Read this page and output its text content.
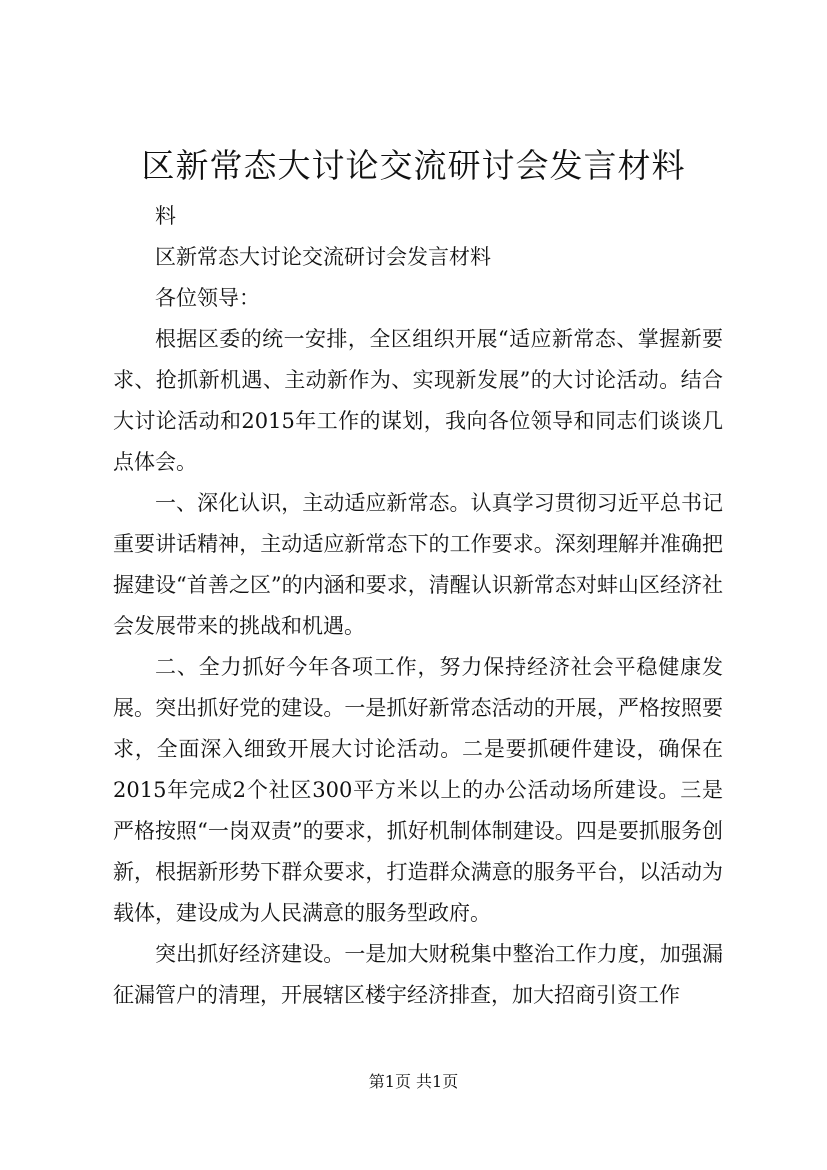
区新常态大讨论交流研讨会发言材料

料

区新常态大讨论交流研讨会发言材料

各位领导：

根据区委的统一安排，全区组织开展“适应新常态、掌握新要求、抢抓新机遇、主动新作为、实现新发展”的大讨论活动。结合大讨论活动和2015年工作的谋划，我向各位领导和同志们谈谈几点体会。

一、深化认识，主动适应新常态。认真学习贯彻习近平总书记重要讲话精神，主动适应新常态下的工作要求。深刻理解并准确把握建设“首善之区”的内涵和要求，清醒认识新常态对蚌山区经济社会发展带来的挑战和机遇。

二、全力抓好今年各项工作，努力保持经济社会平稳健康发展。突出抓好党的建设。一是抓好新常态活动的开展，严格按照要求，全面深入细致开展大讨论活动。二是要抓硬件建设，确保在2015年完成2个社区300平方米以上的办公活动场所建设。三是严格按照“一岗双责”的要求，抓好机制体制建设。四是要抓服务创新，根据新形势下群众要求，打造群众满意的服务平台，以活动为载体，建设成为人民满意的服务型政府。

突出抓好经济建设。一是加大财税集中整治工作力度，加强漏征漏管户的清理，开展辖区楼宇经济排查，加大招商引资工作

第1页 共1页
